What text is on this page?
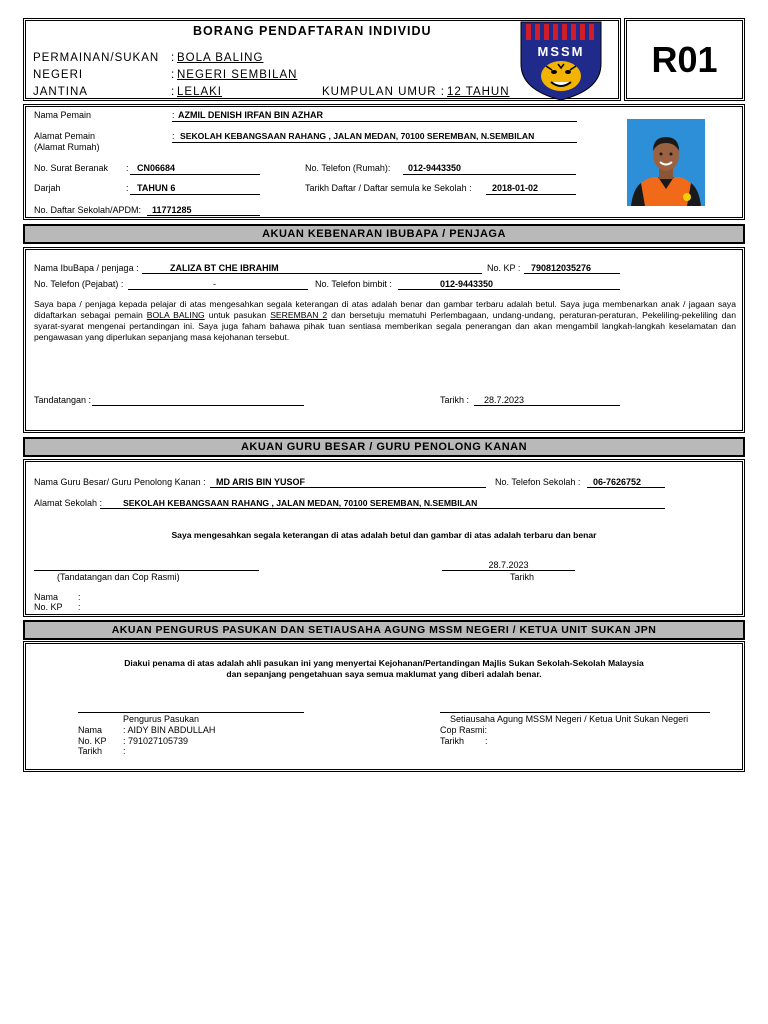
BORANG PENDAFTARAN INDIVIDU
PERMAINAN/SUKAN : BOLA BALING
NEGERI	: NEGERI SEMBILAN
JANTINA	: LELAKI	KUMPULAN UMUR : 12 TAHUN
MSSM	R01
Nama Pemain	: AZMIL DENISH IRFAN BIN AZHAR
Alamat Pemain
(Alamat Rumah)
: SEKOLAH KEBANGSAAN RAHANG , JALAN MEDAN, 70100 SEREMBAN, N.SEMBILAN
No. Surat Beranak : CN06684	No. Telefon (Rumah): 012-9443350
Darjah	: TAHUN 6	Tarikh Daftar / Daftar semula ke Sekolah : 2018-01-02
No. Daftar Sekolah/APDM: 11771285
AKUAN KEBENARAN IBUBAPA / PENJAGA
Nama IbuBapa / penjaga :	ZALIZA BT CHE IBRAHIM	No. KP : 790812035276
No. Telefon (Pejabat) :	-	No. Telefon bimbit :	012-9443350
Saya bapa / penjaga kepada pelajar di atas mengesahkan segala keterangan di atas adalah benar dan gambar terbaru adalah betul. Saya juga membenarkan anak / jagaan saya didaftarkan sebagai pemain BOLA BALING untuk pasukan SEREMBAN 2 dan bersetuju mematuhi Perlembagaan, undang-undang, peraturan-peraturan, Pekeliling-pekeliling dan syarat-syarat mengenai pertandingan ini. Saya juga faham bahawa pihak tuan sentiasa memberikan segala penerangan dan akan mengambil langkah-langkah keselamatan dan pengawasan yang diperlukan sepanjang masa kejohanan tersebut.
Tandatangan :	Tarikh : 28.7.2023
AKUAN GURU BESAR / GURU PENOLONG KANAN
Nama Guru Besar/ Guru Penolong Kanan : MD ARIS BIN YUSOF	No. Telefon Sekolah : 06-7626752
Alamat Sekolah : SEKOLAH KEBANGSAAN RAHANG , JALAN MEDAN, 70100 SEREMBAN, N.SEMBILAN
Saya mengesahkan segala keterangan di atas adalah betul dan gambar di atas adalah terbaru dan benar
(Tandatangan dan Cop Rasmi)
28.7.2023
Tarikh
Nama :
No. KP :
AKUAN PENGURUS PASUKAN DAN SETIAUSAHA AGUNG MSSM NEGERI / KETUA UNIT SUKAN JPN
Diakui penama di atas adalah ahli pasukan ini yang menyertai Kejohanan/Pertandingan Majlis Sukan Sekolah-Sekolah Malaysia
dan sepanjang pengetahuan saya semua maklumat yang diberi adalah benar.
Pengurus Pasukan
Nama : AIDY BIN ABDULLAH
No. KP : 791027105739
Tarikh :
Setiausaha Agung MSSM Negeri / Ketua Unit Sukan Negeri
Cop Rasmi:
Tarikh :
